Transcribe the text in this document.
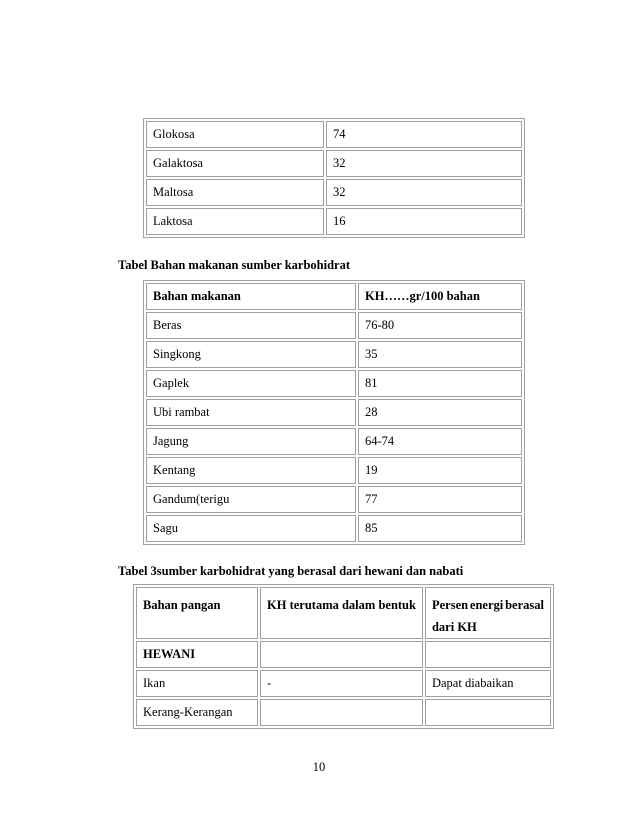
Glokosa	74
Galaktosa	32
Maltosa	32
Laktosa	16
Tabel Bahan makanan sumber karbohidrat
Bahan makanan	KH……gr/100 bahan
Beras	76-80
Singkong	35
Gaplek	81
Ubi rambat	28
Jagung	64-74
Kentang	19
Gandum(terigu	77
Sagu	85
Tabel 3sumber karbohidrat yang berasal dari hewani dan nabati
Bahan pangan	KH terutama dalam bentuk	Persen energi berasal
dari KH

HEWANI		
Ikan	-	Dapat diabaikan
Kerang-Kerangan		
10
